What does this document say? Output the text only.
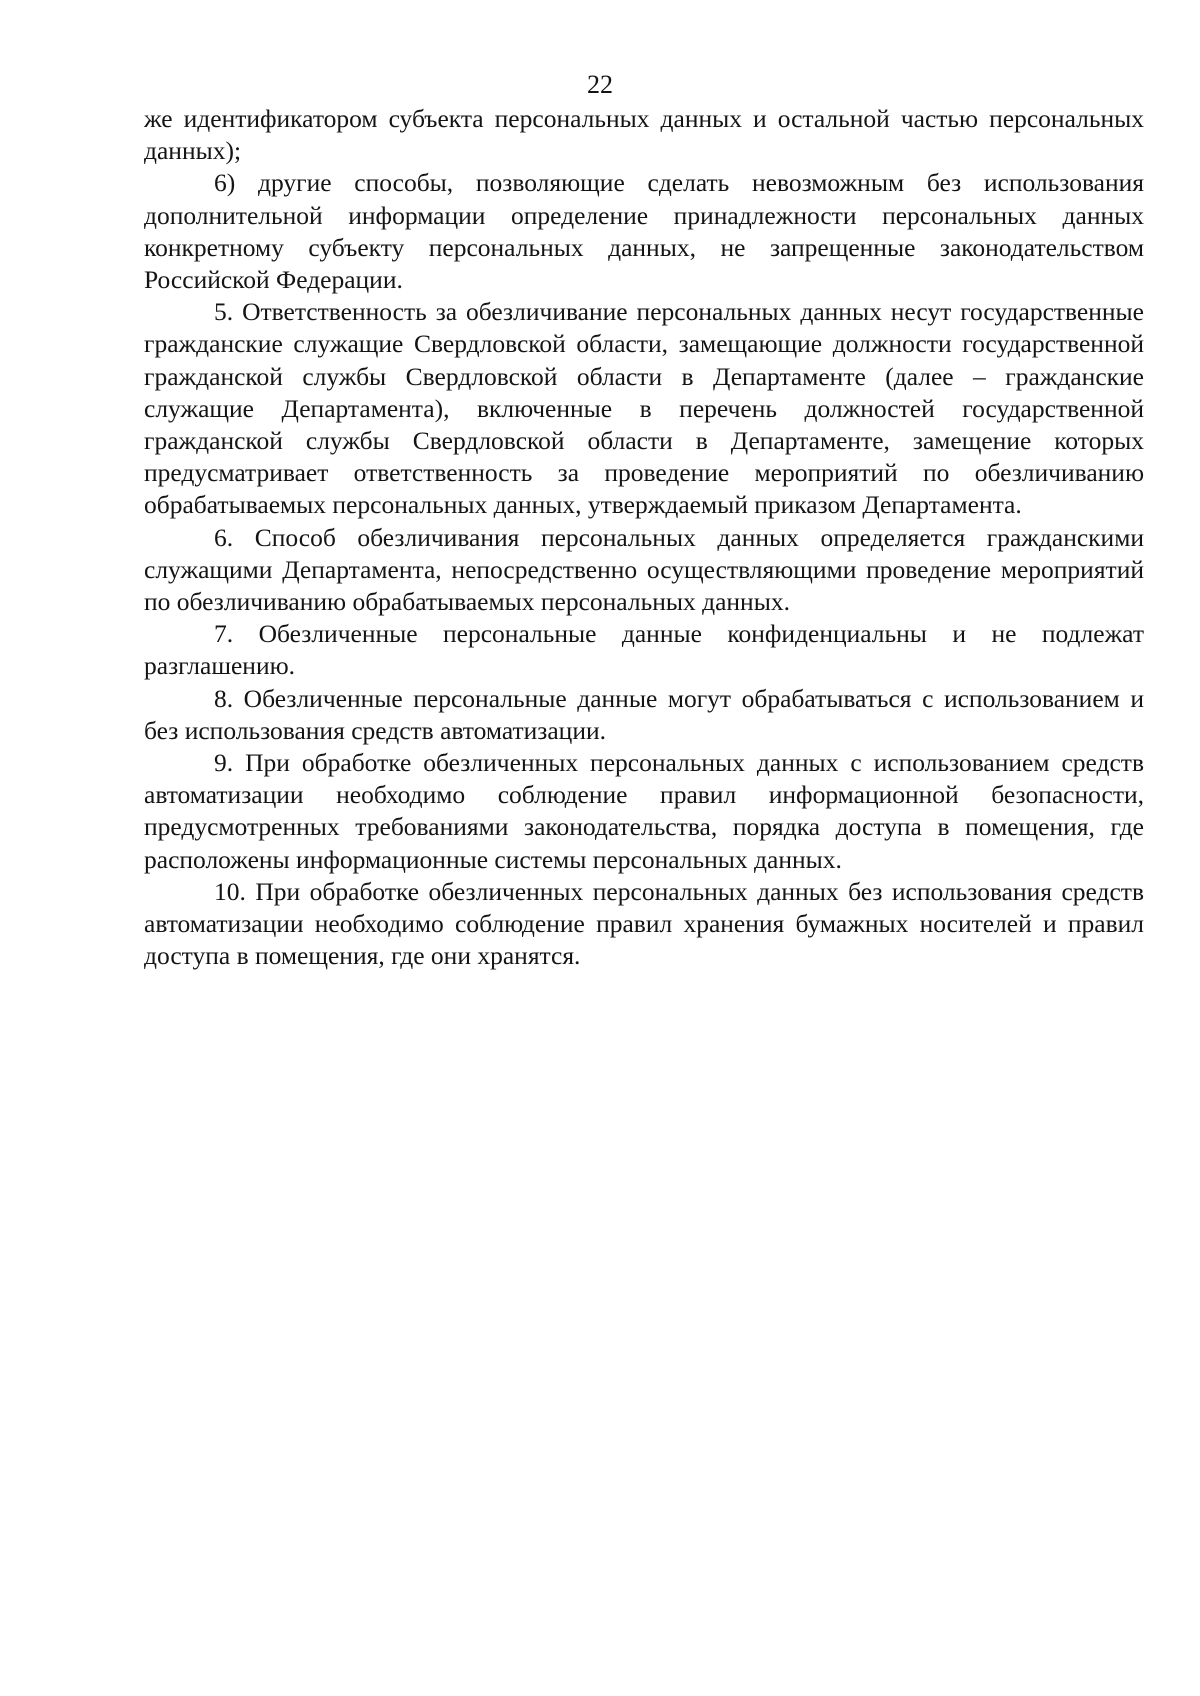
22

же идентификатором субъекта персональных данных и остальной частью персональных данных);

6) другие способы, позволяющие сделать невозможным без использования дополнительной информации определение принадлежности персональных данных конкретному субъекту персональных данных, не запрещенные законодательством Российской Федерации.

5. Ответственность за обезличивание персональных данных несут государственные гражданские служащие Свердловской области, замещающие должности государственной гражданской службы Свердловской области в Департаменте (далее – гражданские служащие Департамента), включенные в перечень должностей государственной гражданской службы Свердловской области в Департаменте, замещение которых предусматривает ответственность за проведение мероприятий по обезличиванию обрабатываемых персональных данных, утверждаемый приказом Департамента.

6. Способ обезличивания персональных данных определяется гражданскими служащими Департамента, непосредственно осуществляющими проведение мероприятий по обезличиванию обрабатываемых персональных данных.

7. Обезличенные персональные данные конфиденциальны и не подлежат разглашению.

8. Обезличенные персональные данные могут обрабатываться с использованием и без использования средств автоматизации.

9. При обработке обезличенных персональных данных с использованием средств автоматизации необходимо соблюдение правил информационной безопасности, предусмотренных требованиями законодательства, порядка доступа в помещения, где расположены информационные системы персональных данных.

10. При обработке обезличенных персональных данных без использования средств автоматизации необходимо соблюдение правил хранения бумажных носителей и правил доступа в помещения, где они хранятся.
